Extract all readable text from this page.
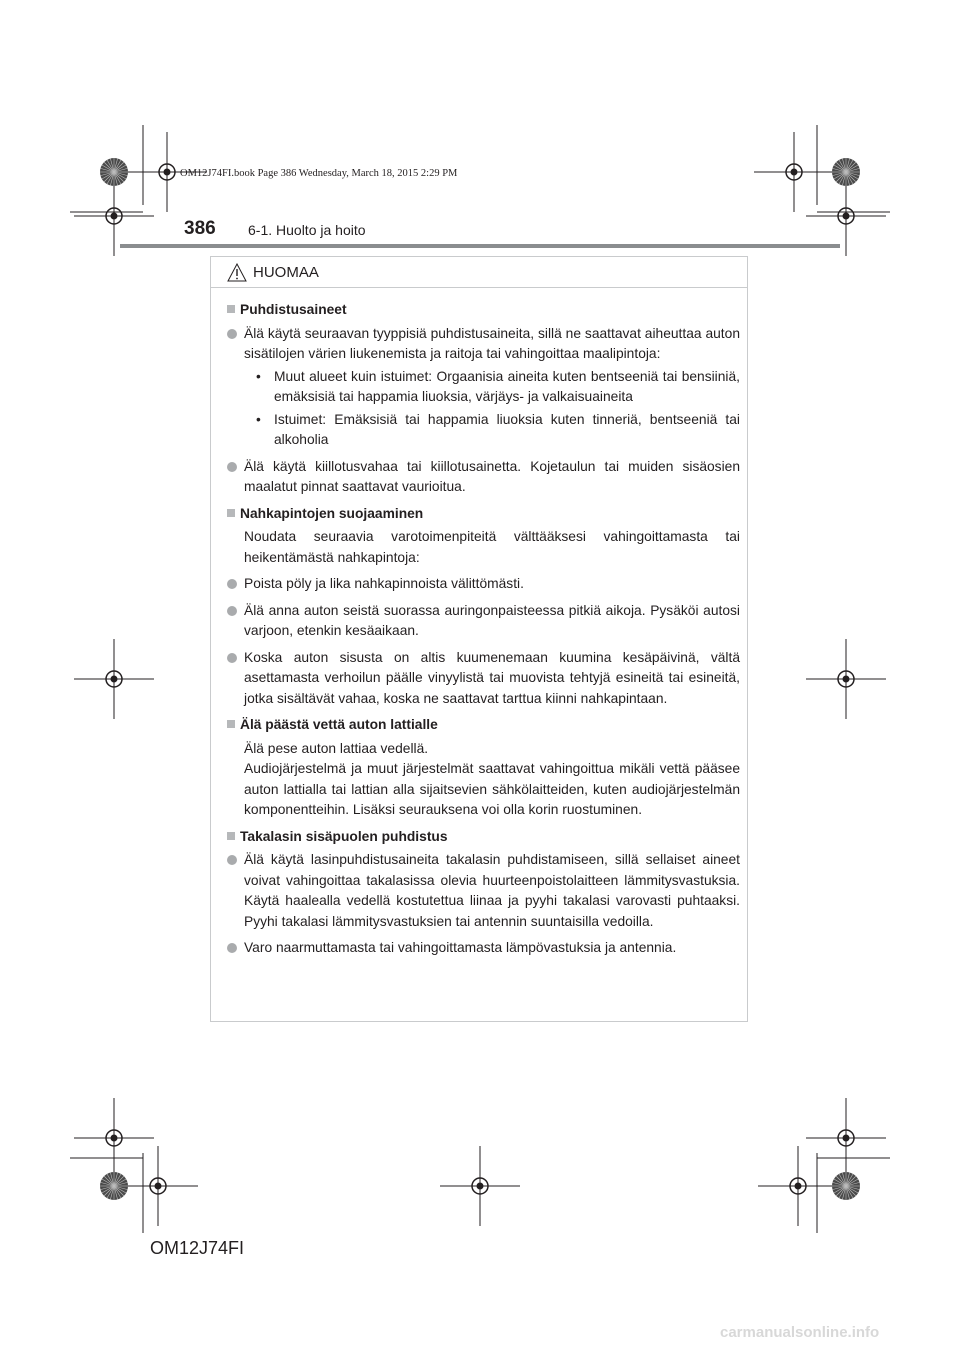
OM12J74FI.book Page 386 Wednesday, March 18, 2015 2:29 PM
386 6-1. Huolto ja hoito
HUOMAA
Puhdistusaineet
Älä käytä seuraavan tyyppisiä puhdistusaineita, sillä ne saattavat aiheuttaa auton sisätilojen värien liukenemista ja raitoja tai vahingoittaa maalipintoja:
• Muut alueet kuin istuimet: Orgaanisia aineita kuten bentseeniä tai bensiiniä, emäksisiä tai happamia liuoksia, värjäys- ja valkaisuaineita
• Istuimet: Emäksisiä tai happamia liuoksia kuten tinneriä, bentseeniä tai alkoholia
Älä käytä kiillotusvahaa tai kiillotusainetta. Kojetaulun tai muiden sisäosien maalatut pinnat saattavat vaurioitua.
Nahkapintojen suojaaminen
Noudata seuraavia varotoimenpiteitä välttääksesi vahingoittamasta tai heikentämästä nahkapintoja:
Poista pöly ja lika nahkapinnoista välittömästi.
Älä anna auton seistä suorassa auringonpaisteessa pitkiä aikoja. Pysäköi autosi varjoon, etenkin kesäaikaan.
Koska auton sisusta on altis kuumenemaan kuumina kesäpäivinä, vältä asettamasta verhoilun päälle vinyylistä tai muovista tehtyjä esineitä tai esineitä, jotka sisältävät vahaa, koska ne saattavat tarttua kiinni nahkapintaan.
Älä päästä vettä auton lattialle
Älä pese auton lattiaa vedellä.
Audiojärjestelmä ja muut järjestelmät saattavat vahingoittua mikäli vettä pääsee auton lattialla tai lattian alla sijaitsevien sähkölaitteiden, kuten audiojärjestelmän komponentteihin. Lisäksi seurauksena voi olla korin ruostuminen.
Takalasin sisäpuolen puhdistus
Älä käytä lasinpuhdistusaineita takalasin puhdistamiseen, sillä sellaiset aineet voivat vahingoittaa takalasissa olevia huurteenpoistolaitteen lämmitysvastuksia. Käytä haalealla vedellä kostutettua liinaa ja pyyhi takalasi varovasti puhtaaksi. Pyyhi takalasi lämmitysvastuksien tai antennin suuntaisilla vedoilla.
Varo naarmuttamasta tai vahingoittamasta lämpövastuksia ja antennia.
OM12J74FI
carmanualsonline.info
